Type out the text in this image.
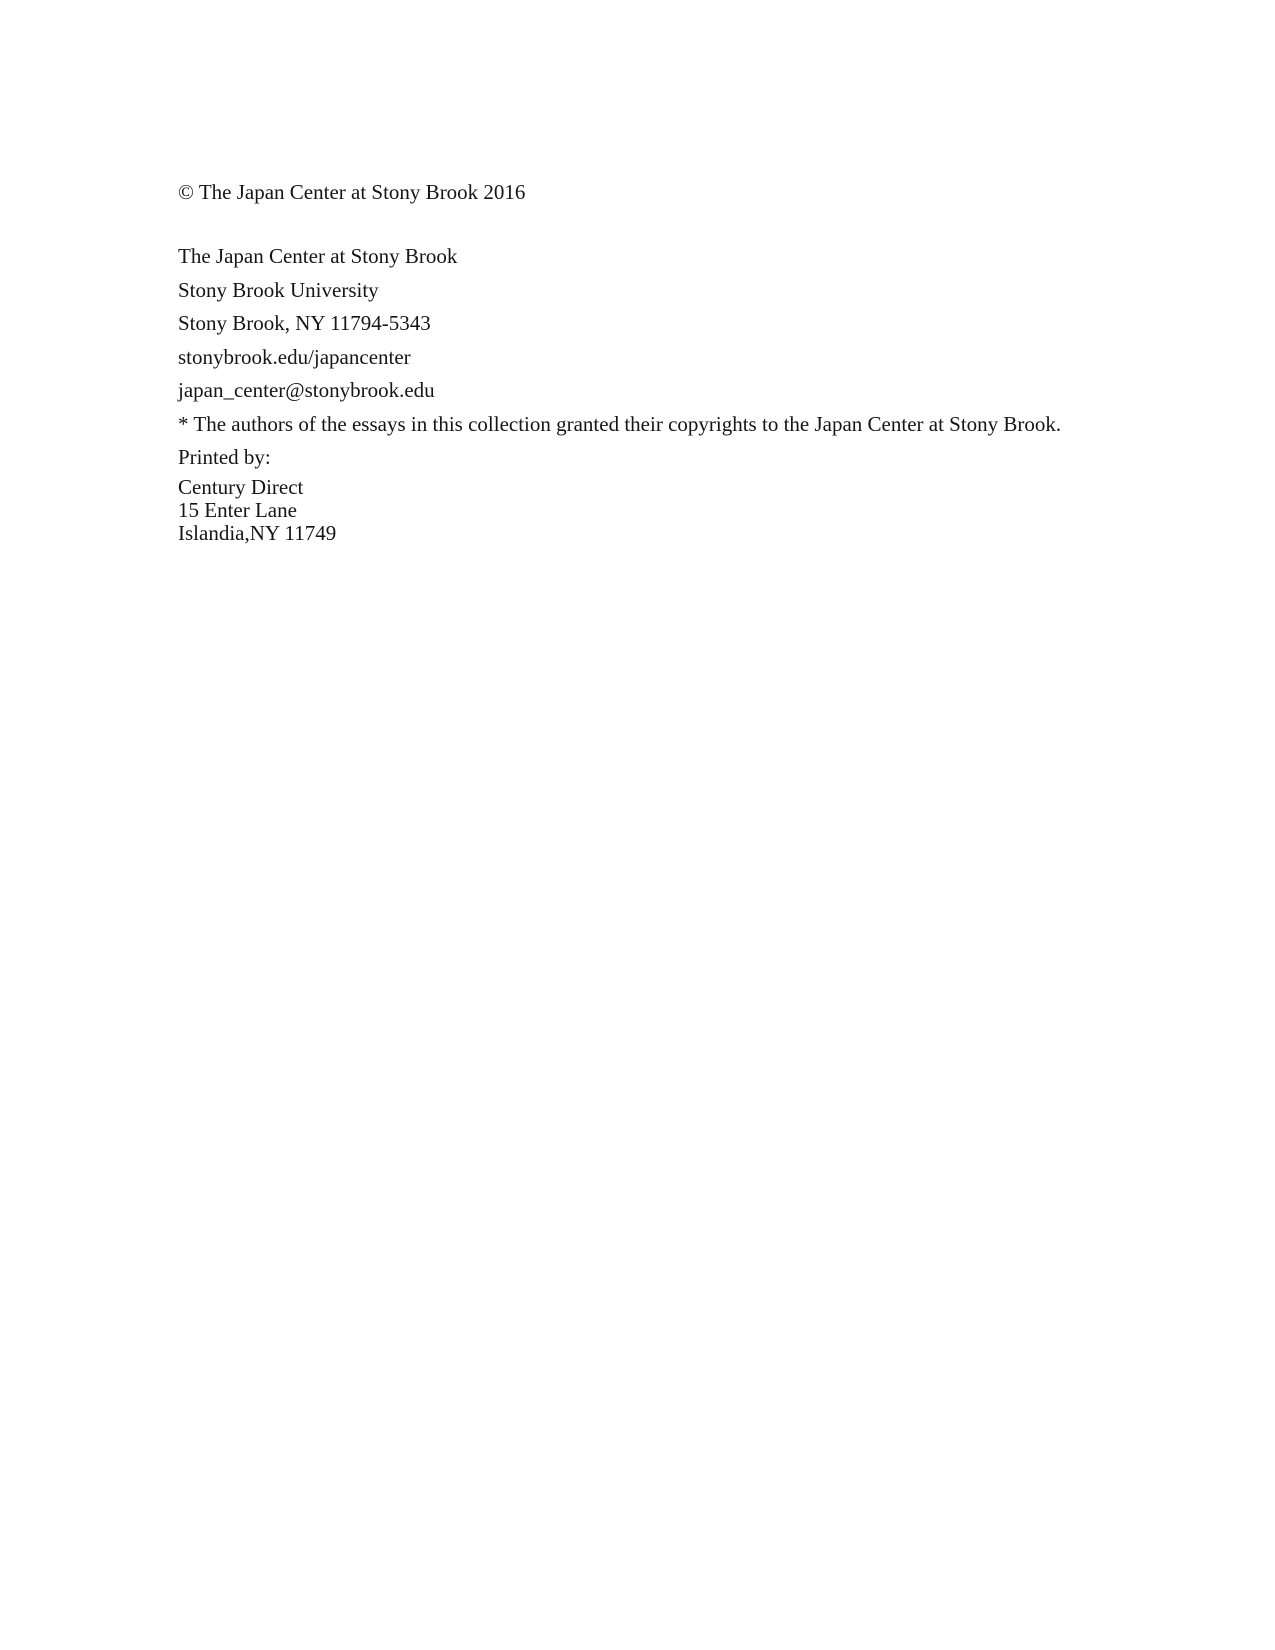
© The Japan Center at Stony Brook 2016

The Japan Center at Stony Brook

Stony Brook University

Stony Brook, NY 11794-5343

stonybrook.edu/japancenter

japan_center@stonybrook.edu

* The authors of the essays in this collection granted their copyrights to the Japan Center at Stony Brook.

Printed by:

Century Direct

15 Enter Lane

Islandia,NY 11749
